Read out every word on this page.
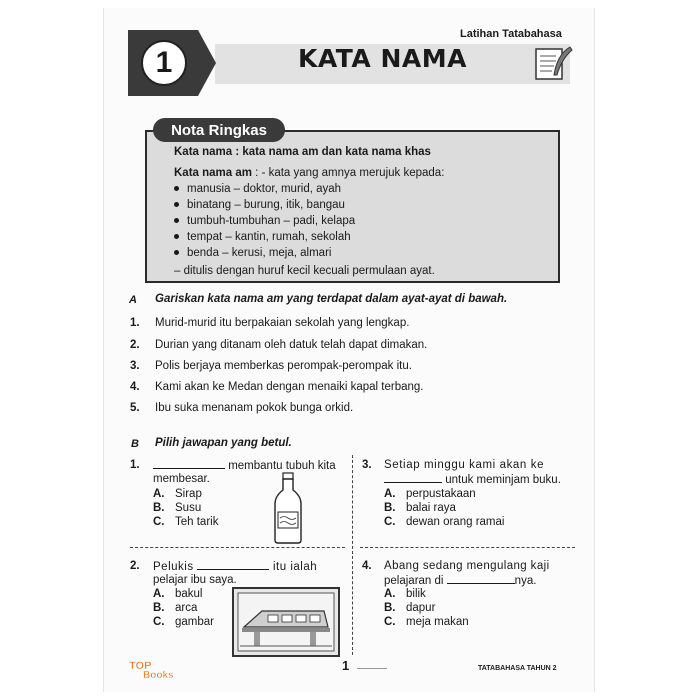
1	KATA NAMA
Latihan Tatabahasa
Nota Ringkas
Kata nama : kata nama am dan kata nama khas
Kata nama am : - kata yang amnya merujuk kepada:
manusia – doktor, murid, ayah
binatang – burung, itik, bangau
tumbuh-tumbuhan – padi, kelapa
tempat – kantin, rumah, sekolah
benda – kerusi, meja, almari
– ditulis dengan huruf kecil kecuali permulaan ayat.
A Gariskan kata nama am yang terdapat dalam ayat-ayat di bawah.
1. Murid-murid itu berpakaian sekolah yang lengkap.
2. Durian yang ditanam oleh datuk telah dapat dimakan.
3. Polis berjaya memberkas perompak-perompak itu.
4. Kami akan ke Medan dengan menaiki kapal terbang.
5. Ibu suka menanam pokok bunga orkid.
B Pilih jawapan yang betul.
1.	membantu tubuh kita
membesar.
A. Sirap
B. Susu
C. Teh tarik
2. Pelukis	itu ialah
pelajar ibu saya.
A. bakul
B. arca
C. gambar
3. Setiap minggu kami akan ke
untuk meminjam buku.
A. perpustakaan
B. balai raya
C. dewan orang ramai
4. Abang sedang mengulang kaji
pelajaran di	nya.
A. bilik
B. dapur
C. meja makan
1	TATABAHASA TAHUN 2
TOP
Books
